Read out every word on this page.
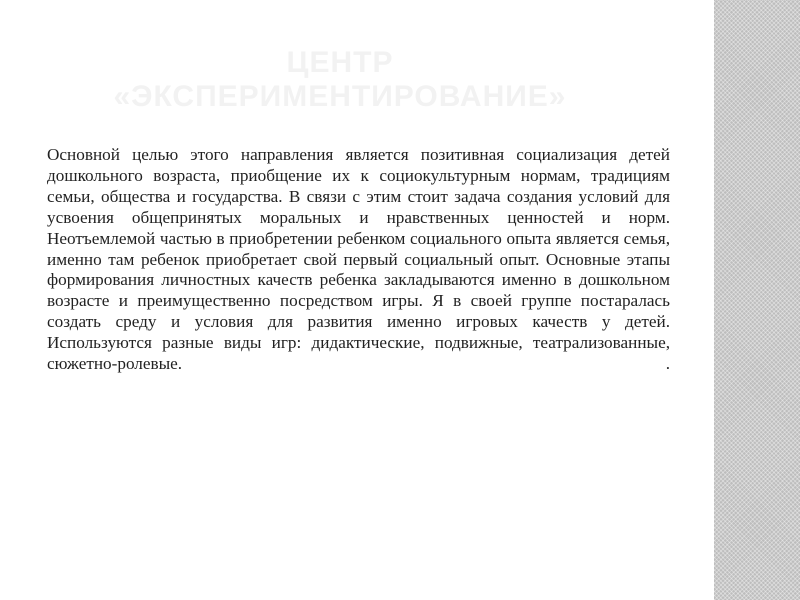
ЦЕНТР
«ЭКСПЕРИМЕНТИРОВАНИЕ»
Основной целью этого направления является позитивная социализация детей дошкольного возраста, приобщение их к социокультурным нормам, традициям семьи, общества и государства. В связи с этим стоит задача создания условий для усвоения общепринятых моральных и нравственных ценностей и норм. Неотъемлемой частью в приобретении ребенком социального опыта является семья, именно там ребенок приобретает свой первый социальный опыт. Основные этапы формирования личностных качеств ребенка закладываются именно в дошкольном возрасте и преимущественно посредством игры. Я в своей группе постаралась создать среду и условия для развития именно игровых качеств у детей. Используются разные виды игр: дидактические, подвижные, театрализованные, сюжетно-ролевые. .
